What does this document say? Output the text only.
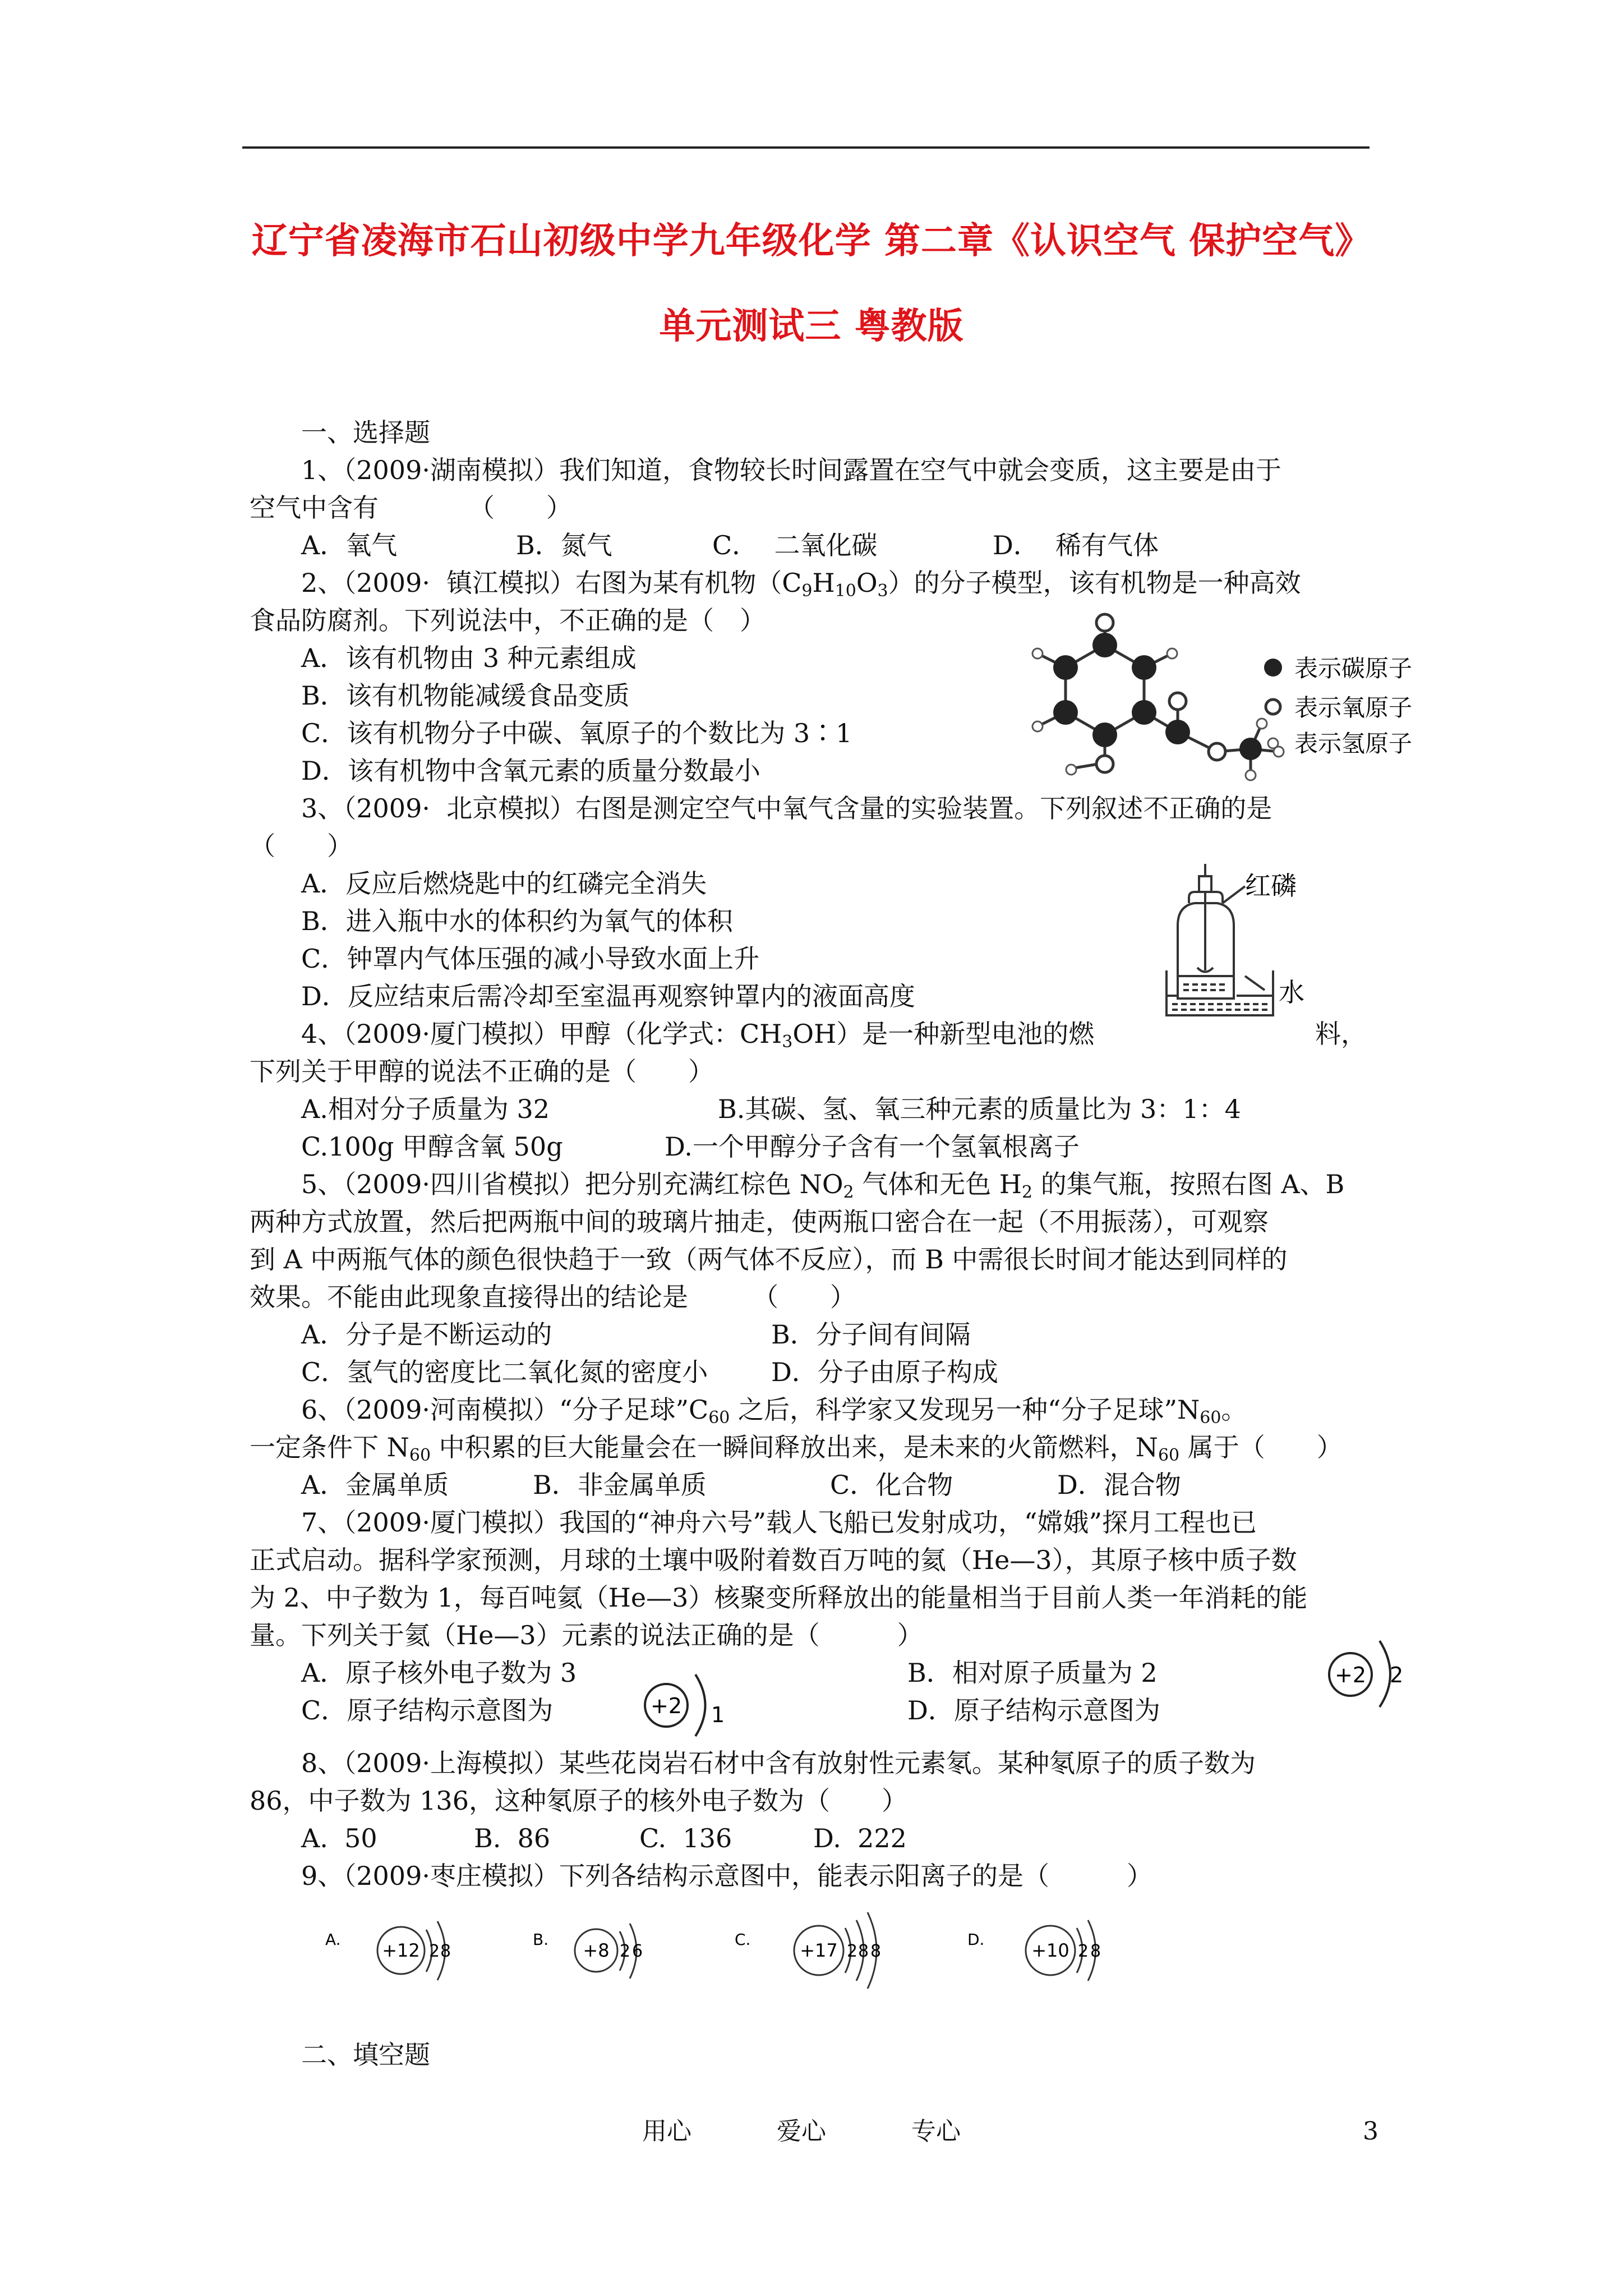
辽宁省凌海市石山初级中学九年级化学 第二章《认识空气 保护空气》
单元测试三 粤教版
一、选择题
1、（2009·湖南模拟）我们知道，食物较长时间露置在空气中就会变质，这主要是由于
空气中含有　　　　（　　）
A．氧气	B．氮气	C．  二氧化碳	D．  稀有气体
2、（2009·  镇江模拟）右图为某有机物$(C_9H_{10}O_3)$的分子模型，该有机物是一种高效
食品防腐剂。下列说法中，不正确的是（　）
A．该有机物由 3 种元素组成
B．该有机物能减缓食品变质
C．该有机物分子中碳、氧原子的个数比为 3∶1
D．该有机物中含氧元素的质量分数最小
表示碳原子
表示氧原子
表示氢原子
3、（2009·  北京模拟）右图是测定空气中氧气含量的实验装置。下列叙述不正确的是
（　　）
A．反应后燃烧匙中的红磷完全消失
B．进入瓶中水的体积约为氧气的体积
C．钟罩内气体压强的减小导致水面上升
D．反应结束后需冷却至室温再观察钟罩内的液面高度
红磷
水
4、（2009·厦门模拟）甲醇（化学式：$CH_3OH$）是一种新型电池的燃	料，
下列关于甲醇的说法不正确的是（　　）
A.相对分子质量为 32	B.其碳、氢、氧三种元素的质量比为 3：1：4
C.100g 甲醇含氧 50g	D.一个甲醇分子含有一个氢氧根离子
5、（2009·四川省模拟）把分别充满红棕色 $NO_2$ 气体和无色 $H_2$ 的集气瓶，按照右图 A、B
两种方式放置，然后把两瓶中间的玻璃片抽走，使两瓶口密合在一起（不用振荡），可观察
到 A 中两瓶气体的颜色很快趋于一致（两气体不反应），而 B 中需很长时间才能达到同样的
效果。不能由此现象直接得出的结论是　　　（　　）
A．分子是不断运动的	B．分子间有间隔
C．氢气的密度比二氧化氮的密度小 D．分子由原子构成
6、（2009·河南模拟）“分子足球$”C_{60}$ 之后，科学家又发现另一种“分子足球$”N_{60}$。
一定条件下 $N_{60}$ 中积累的巨大能量会在一瞬间释放出来，是未来的火箭燃料，$N_{60}$ 属于（　　）
A．金属单质	B．非金属单质	C．化合物	D．混合物
7、（2009·厦门模拟）我国的“神舟六号”载人飞船已发射成功，“嫦娥”探月工程也已
正式启动。据科学家预测，月球的土壤中吸附着数百万吨的氦（He—3），其原子核中质子数
为 2、中子数为 1，每百吨氦（He—3）核聚变所释放出的能量相当于目前人类一年消耗的能
量。下列关于氦（He—3）元素的说法正确的是（　　　）
A．原子核外电子数为 3	B．相对原子质量为 2
C．原子结构示意图为	D．原子结构示意图为
+2 1
+2 2
8、（2009·上海模拟）某些花岗岩石材中含有放射性元素氡。某种氡原子的质子数为
86，中子数为 136，这种氡原子的核外电子数为（　　）
A.  50	B.  86	C.  136	D.  222
9、（2009·枣庄模拟）下列各结构示意图中，能表示阳离子的是（　　　）
A.
+12 2 8
B.
+8 2 6
C.
+17 2 8 8
D.
+10 2 8
二、填空题
用心	爱心	专心	3
